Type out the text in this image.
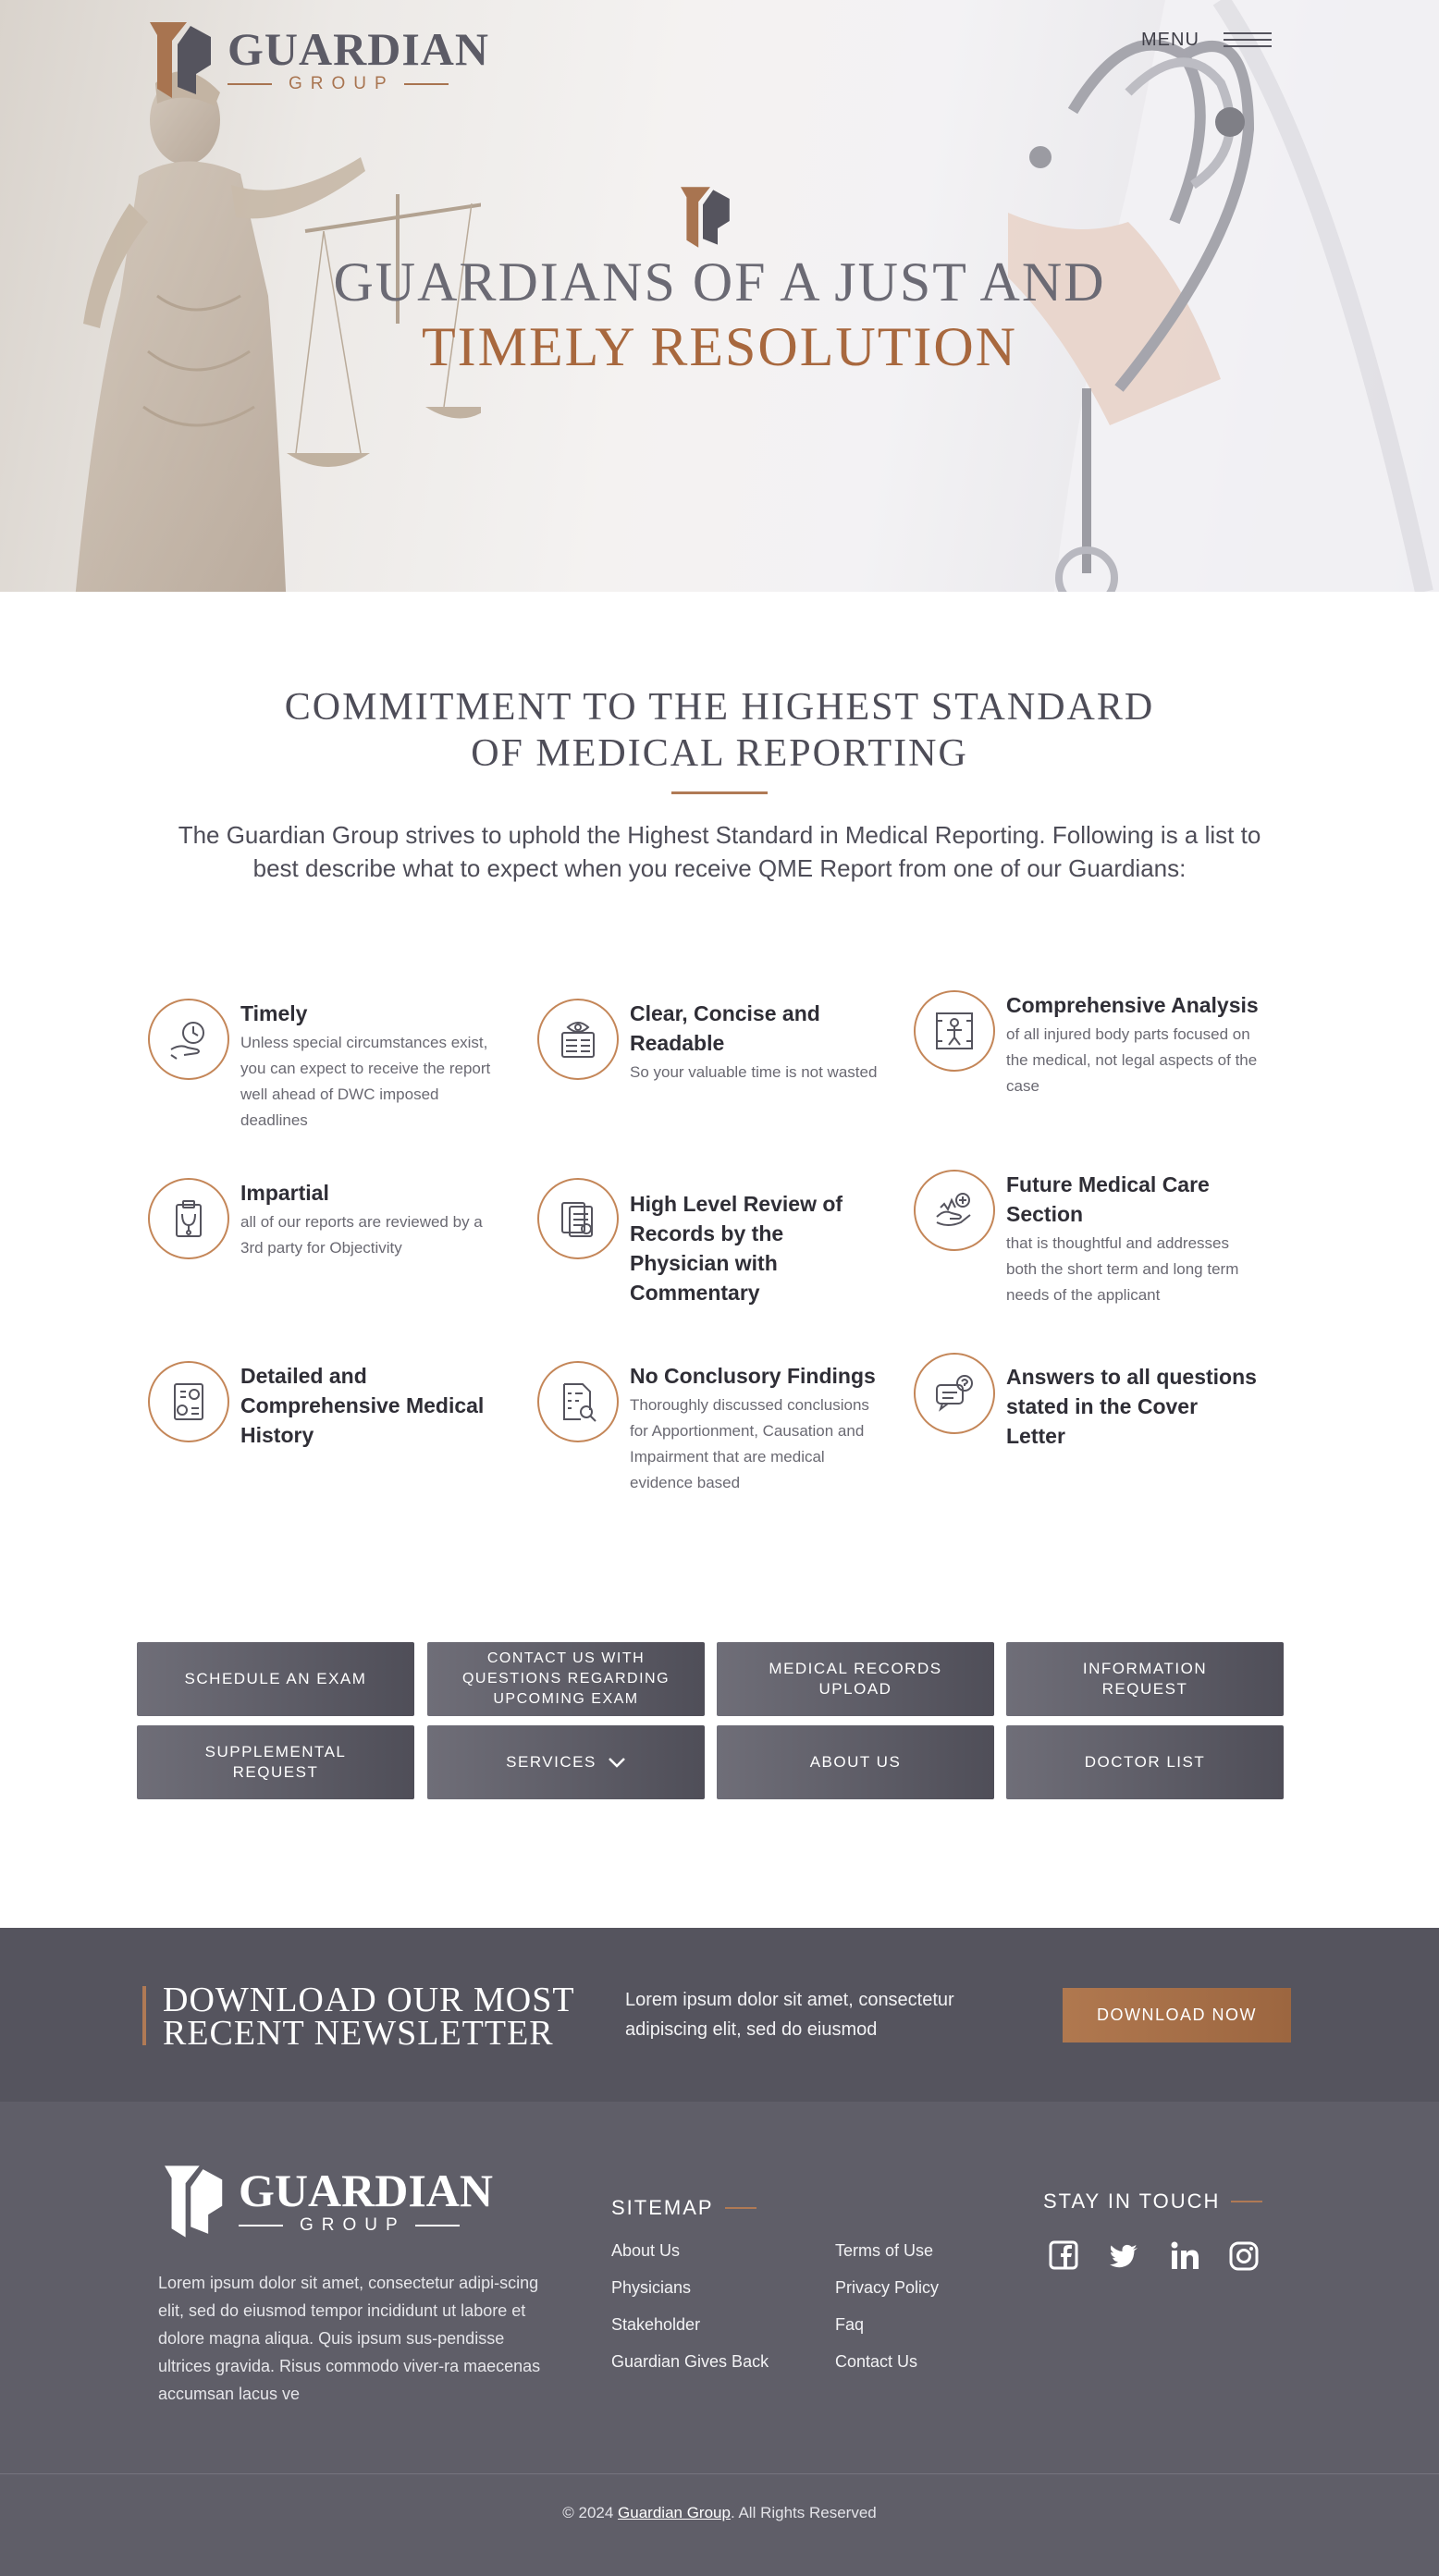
GUARDIAN
GROUP
MENU
GUARDIANS OF A JUST AND
TIMELY RESOLUTION
COMMITMENT TO THE HIGHEST STANDARD
OF MEDICAL REPORTING

The Guardian Group strives to uphold the Highest Standard in Medical Reporting. Following is a list to best describe what to expect when you receive QME Report from one of our Guardians:

Timely
Unless special circumstances exist, you can expect to receive the report well ahead of DWC imposed deadlines
Clear, Concise and Readable
So your valuable time is not wasted
Comprehensive Analysis
of all injured body parts focused on the medical, not legal aspects of the case
Impartial
all of our reports are reviewed by a 3rd party for Objectivity
High Level Review of Records by the Physician with Commentary
Future Medical Care Section
that is thoughtful and addresses both the short term and long term needs of the applicant
Detailed and Comprehensive Medical History
No Conclusory Findings
Thoroughly discussed conclusions for Apportionment, Causation and Impairment that are medical evidence based
Answers to all questions stated in the Cover Letter
SCHEDULE AN EXAM
CONTACT US WITH QUESTIONS REGARDING UPCOMING EXAM
MEDICAL RECORDS UPLOAD
INFORMATION REQUEST
SUPPLEMENTAL REQUEST
SERVICES	ABOUT US	DOCTOR LIST
DOWNLOAD OUR MOST
RECENT NEWSLETTER

Lorem ipsum dolor sit amet, consectetur adipiscing elit, sed do eiusmod

DOWNLOAD NOW
GUARDIAN
GROUP
Lorem ipsum dolor sit amet, consectetur adipi-scing elit, sed do eiusmod tempor incididunt ut labore et dolore magna aliqua. Quis ipsum sus-pendisse ultrices gravida. Risus commodo viver-ra maecenas accumsan lacus ve
SITEMAP
About Us
Physicians
Stakeholder
Guardian Gives Back
Terms of Use
Privacy Policy
Faq
Contact Us
STAY IN TOUCH
© 2024 Guardian Group. All Rights Reserved
